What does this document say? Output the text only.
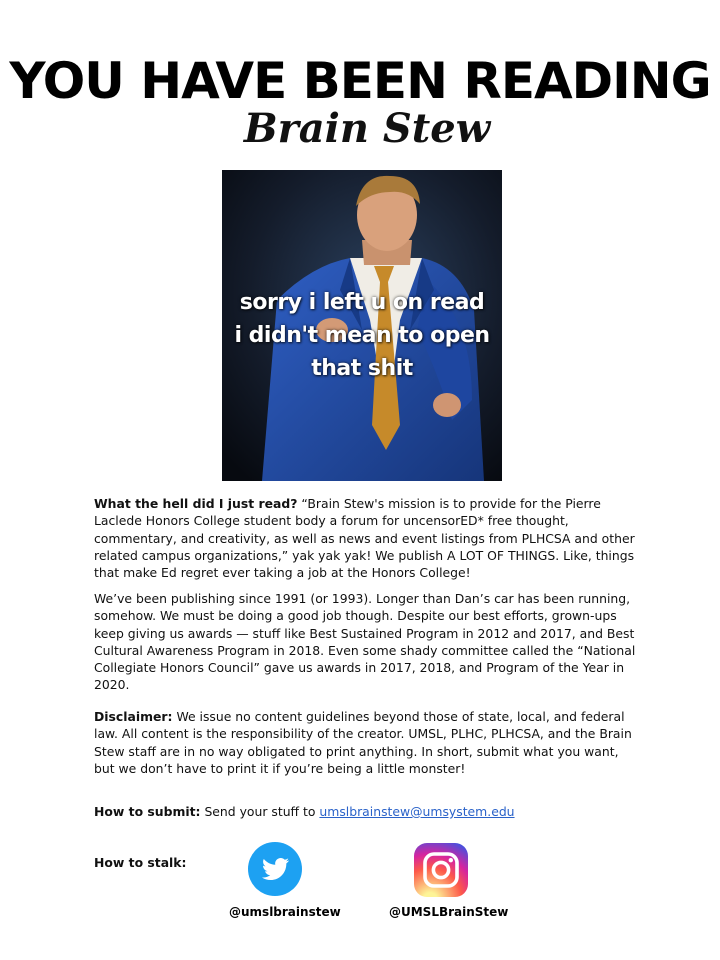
YOU HAVE BEEN READING
Brain Stew
sorry i left u on read
i didn't mean to open
that shit
What the hell did I just read? “Brain Stew's mission is to provide for the Pierre Laclede Honors College student body a forum for uncensorED* free thought, commentary, and creativity, as well as news and event listings from PLHCSA and other related campus organizations,” yak yak yak! We publish A LOT OF THINGS. Like, things that make Ed regret ever taking a job at the Honors College!
We’ve been publishing since 1991 (or 1993). Longer than Dan’s car has been running, somehow. We must be doing a good job though. Despite our best efforts, grown-ups keep giving us awards — stuff like Best Sustained Program in 2012 and 2017, and Best Cultural Awareness Program in 2018. Even some shady committee called the “National Collegiate Honors Council” gave us awards in 2017, 2018, and Program of the Year in 2020.
Disclaimer: We issue no content guidelines beyond those of state, local, and federal law. All content is the responsibility of the creator. UMSL, PLHC, PLHCSA, and the Brain Stew staff are in no way obligated to print anything. In short, submit what you want, but we don’t have to print it if you’re being a little monster!
How to submit: Send your stuff to umslbrainstew@umsystem.edu
How to stalk:
@umslbrainstew	@UMSLBrainStew
